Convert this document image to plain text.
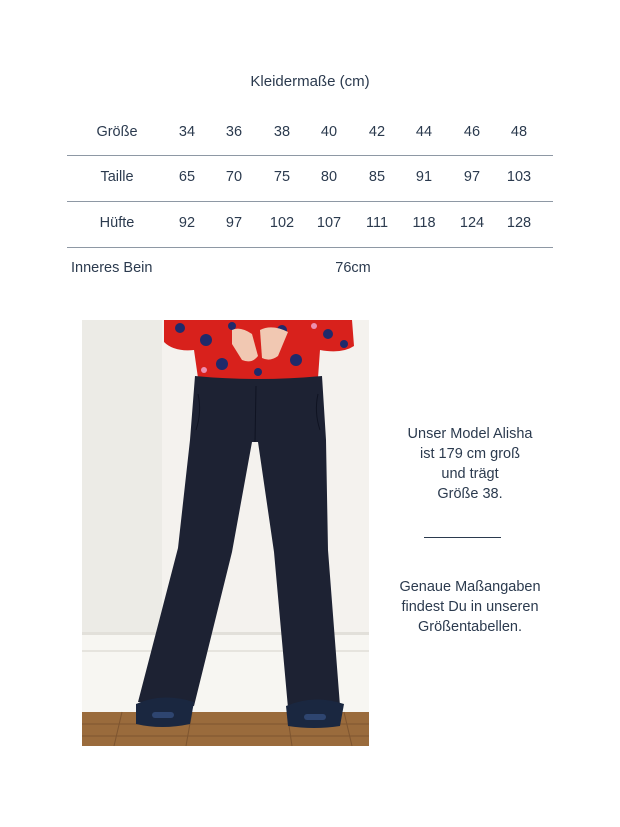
Kleidermaße (cm)
Größe	34	36	38	40	42	44	46	48
Taille	65	70	75	80	85	91	97	103
Hüfte	92	97	102	107	111	118	124	128
Inneres Bein	76cm
Unser Model Alisha
ist 179 cm groß
und trägt
Größe 38.
Genaue Maßangaben
findest Du in unseren
Größentabellen.
